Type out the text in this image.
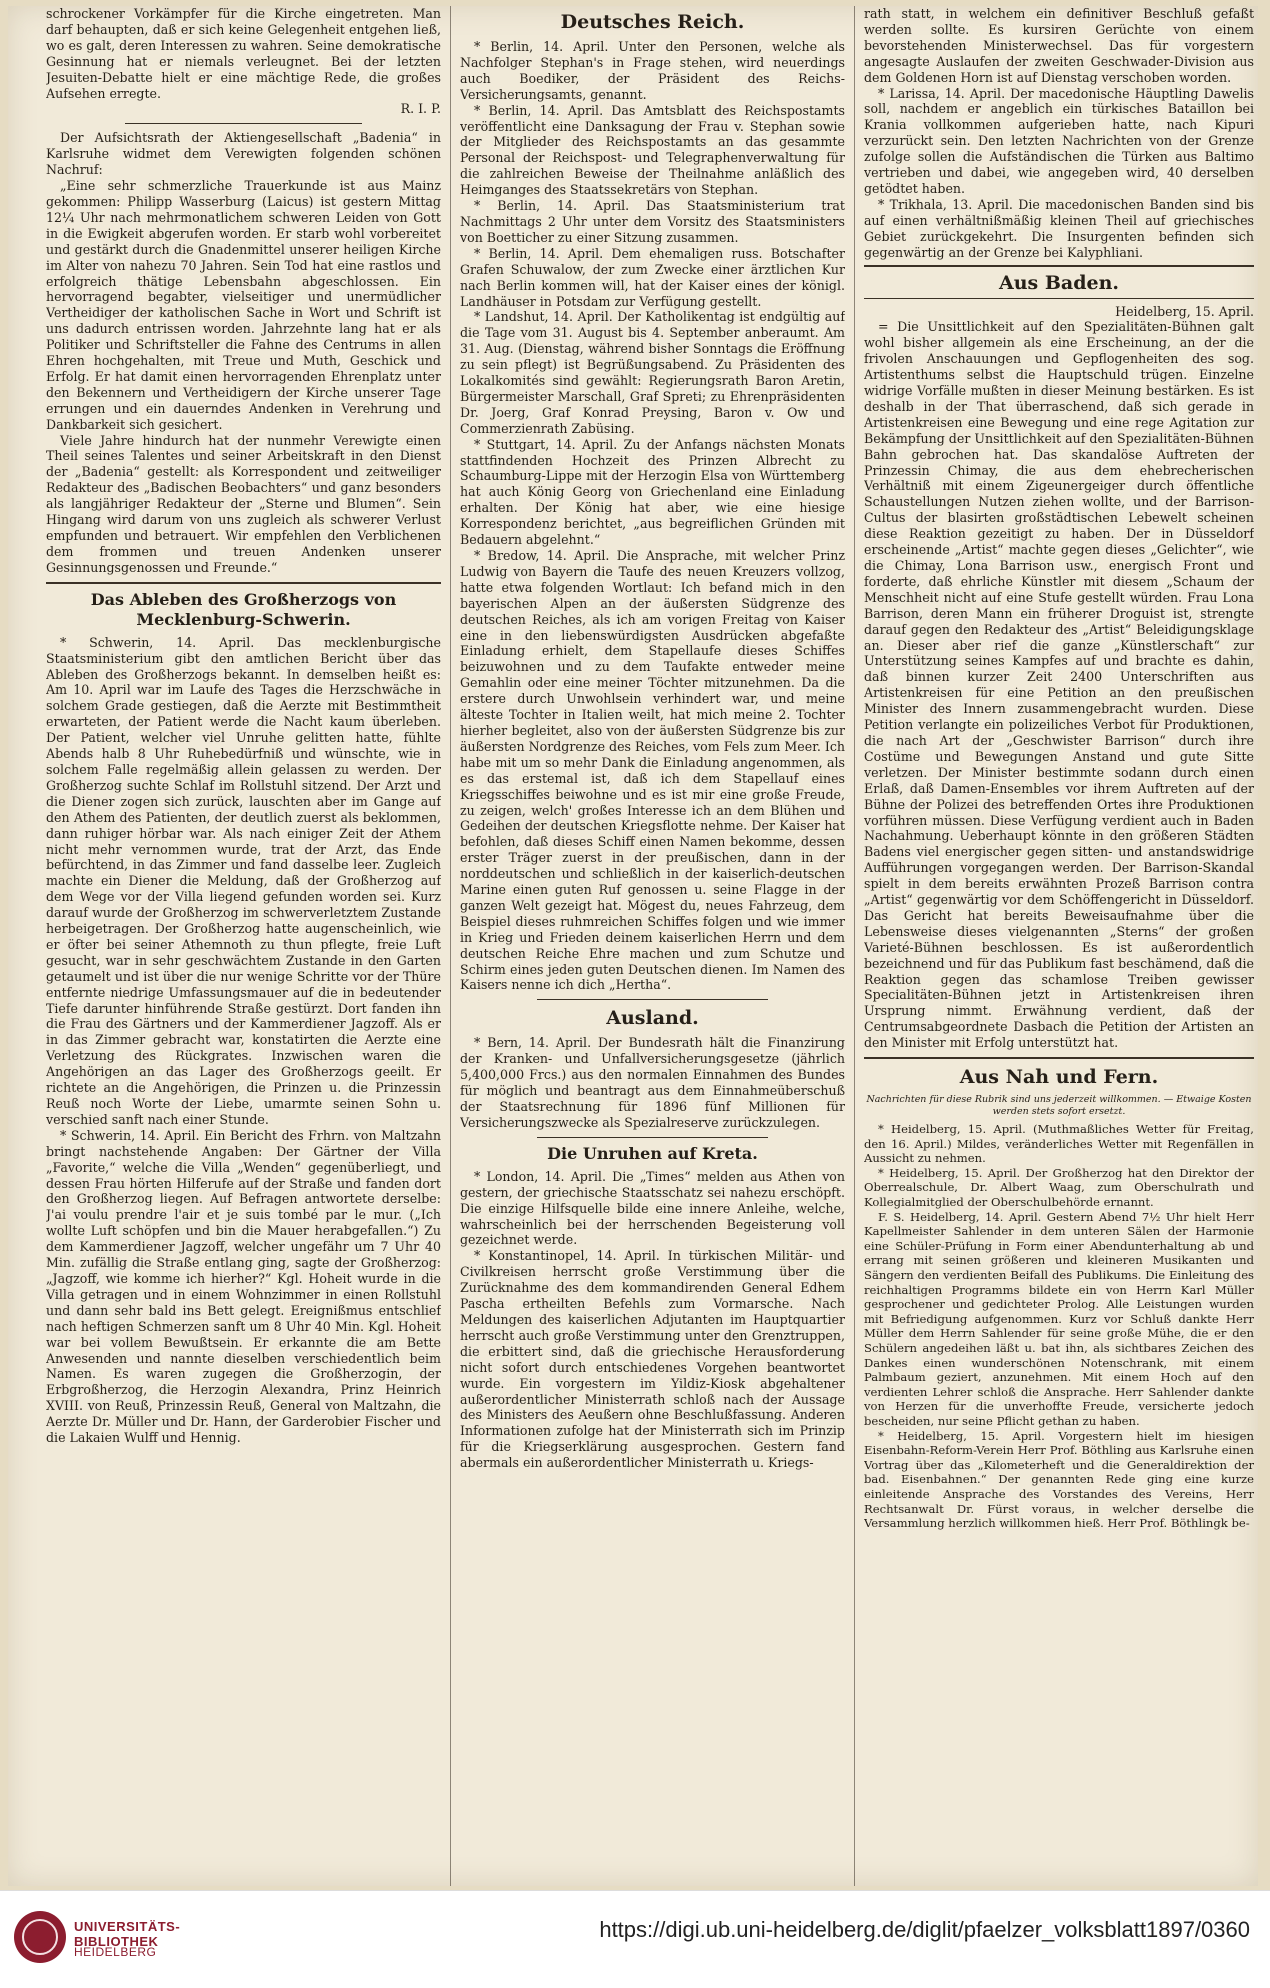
schrockener Vorkämpfer für die Kirche eingetreten. Man darf behaupten, daß er sich keine Gelegenheit entgehen ließ, wo es galt, deren Interessen zu wahren. Seine demokratische Gesinnung hat er niemals verleugnet. Bei der letzten Jesuiten-Debatte hielt er eine mächtige Rede, die großes Aufsehen erregte.

R. I. P.

Der Aufsichtsrath der Aktiengesellschaft „Badenia“ in Karlsruhe widmet dem Verewigten folgenden schönen Nachruf:

„Eine sehr schmerzliche Trauerkunde ist aus Mainz gekommen: Philipp Wasserburg (Laicus) ist gestern Mittag 12¼ Uhr nach mehrmonatlichem schweren Leiden von Gott in die Ewigkeit abgerufen worden. Er starb wohl vorbereitet und gestärkt durch die Gnadenmittel unserer heiligen Kirche im Alter von nahezu 70 Jahren. Sein Tod hat eine rastlos und erfolgreich thätige Lebensbahn abgeschlossen. Ein hervorragend begabter, vielseitiger und unermüdlicher Vertheidiger der katholischen Sache in Wort und Schrift ist uns dadurch entrissen worden. Jahrzehnte lang hat er als Politiker und Schriftsteller die Fahne des Centrums in allen Ehren hochgehalten, mit Treue und Muth, Geschick und Erfolg. Er hat damit einen hervorragenden Ehrenplatz unter den Bekennern und Vertheidigern der Kirche unserer Tage errungen und ein dauerndes Andenken in Verehrung und Dankbarkeit sich gesichert.

Viele Jahre hindurch hat der nunmehr Verewigte einen Theil seines Talentes und seiner Arbeitskraft in den Dienst der „Badenia“ gestellt: als Korrespondent und zeitweiliger Redakteur des „Badischen Beobachters“ und ganz besonders als langjähriger Redakteur der „Sterne und Blumen“. Sein Hingang wird darum von uns zugleich als schwerer Verlust empfunden und betrauert. Wir empfehlen den Verblichenen dem frommen und treuen Andenken unserer Gesinnungsgenossen und Freunde.“

Das Ableben des Großherzogs von Mecklenburg-Schwerin.

* Schwerin, 14. April. Das mecklenburgische Staatsministerium gibt den amtlichen Bericht über das Ableben des Großherzogs bekannt. In demselben heißt es: Am 10. April war im Laufe des Tages die Herzschwäche in solchem Grade gestiegen, daß die Aerzte mit Bestimmtheit erwarteten, der Patient werde die Nacht kaum überleben. Der Patient, welcher viel Unruhe gelitten hatte, fühlte Abends halb 8 Uhr Ruhebedürfniß und wünschte, wie in solchem Falle regelmäßig allein gelassen zu werden. Der Großherzog suchte Schlaf im Rollstuhl sitzend. Der Arzt und die Diener zogen sich zurück, lauschten aber im Gange auf den Athem des Patienten, der deutlich zuerst als beklommen, dann ruhiger hörbar war. Als nach einiger Zeit der Athem nicht mehr vernommen wurde, trat der Arzt, das Ende befürchtend, in das Zimmer und fand dasselbe leer. Zugleich machte ein Diener die Meldung, daß der Großherzog auf dem Wege vor der Villa liegend gefunden worden sei. Kurz darauf wurde der Großherzog im schwerverletztem Zustande herbeigetragen. Der Großherzog hatte augenscheinlich, wie er öfter bei seiner Athemnoth zu thun pflegte, freie Luft gesucht, war in sehr geschwächtem Zustande in den Garten getaumelt und ist über die nur wenige Schritte vor der Thüre entfernte niedrige Umfassungsmauer auf die in bedeutender Tiefe darunter hinführende Straße gestürzt. Dort fanden ihn die Frau des Gärtners und der Kammerdiener Jagzoff. Als er in das Zimmer gebracht war, konstatirten die Aerzte eine Verletzung des Rückgrates. Inzwischen waren die Angehörigen an das Lager des Großherzogs geeilt. Er richtete an die Angehörigen, die Prinzen u. die Prinzessin Reuß noch Worte der Liebe, umarmte seinen Sohn u. verschied sanft nach einer Stunde.

* Schwerin, 14. April. Ein Bericht des Frhrn. von Maltzahn bringt nachstehende Angaben: Der Gärtner der Villa „Favorite,“ welche die Villa „Wenden“ gegenüberliegt, und dessen Frau hörten Hilferufe auf der Straße und fanden dort den Großherzog liegen. Auf Befragen antwortete derselbe: J'ai voulu prendre l'air et je suis tombé par le mur. („Ich wollte Luft schöpfen und bin die Mauer herabgefallen.“) Zu dem Kammerdiener Jagzoff, welcher ungefähr um 7 Uhr 40 Min. zufällig die Straße entlang ging, sagte der Großherzog: „Jagzoff, wie komme ich hierher?“ Kgl. Hoheit wurde in die Villa getragen und in einem Wohnzimmer in einen Rollstuhl und dann sehr bald ins Bett gelegt. Ereignißmus entschlief nach heftigen Schmerzen sanft um 8 Uhr 40 Min. Kgl. Hoheit war bei vollem Bewußtsein. Er erkannte die am Bette Anwesenden und nannte dieselben verschiedentlich beim Namen. Es waren zugegen die Großherzogin, der Erbgroßherzog, die Herzogin Alexandra, Prinz Heinrich XVIII. von Reuß, Prinzessin Reuß, General von Maltzahn, die Aerzte Dr. Müller und Dr. Hann, der Garderobier Fischer und die Lakaien Wulff und Hennig.

Deutsches Reich.

* Berlin, 14. April. Unter den Personen, welche als Nachfolger Stephan's in Frage stehen, wird neuerdings auch Boediker, der Präsident des Reichs-Versicherungsamts, genannt.

* Berlin, 14. April. Das Amtsblatt des Reichspostamts veröffentlicht eine Danksagung der Frau v. Stephan sowie der Mitglieder des Reichspostamts an das gesammte Personal der Reichspost- und Telegraphenverwaltung für die zahlreichen Beweise der Theilnahme anläßlich des Heimganges des Staatssekretärs von Stephan.

* Berlin, 14. April. Das Staatsministerium trat Nachmittags 2 Uhr unter dem Vorsitz des Staatsministers von Boetticher zu einer Sitzung zusammen.

* Berlin, 14. April. Dem ehemaligen russ. Botschafter Grafen Schuwalow, der zum Zwecke einer ärztlichen Kur nach Berlin kommen will, hat der Kaiser eines der königl. Landhäuser in Potsdam zur Verfügung gestellt.

* Landshut, 14. April. Der Katholikentag ist endgültig auf die Tage vom 31. August bis 4. September anberaumt. Am 31. Aug. (Dienstag, während bisher Sonntags die Eröffnung zu sein pflegt) ist Begrüßungsabend. Zu Präsidenten des Lokalkomités sind gewählt: Regierungsrath Baron Aretin, Bürgermeister Marschall, Graf Spreti; zu Ehrenpräsidenten Dr. Joerg, Graf Konrad Preysing, Baron v. Ow und Commerzienrath Zabüsing.

* Stuttgart, 14. April. Zu der Anfangs nächsten Monats stattfindenden Hochzeit des Prinzen Albrecht zu Schaumburg-Lippe mit der Herzogin Elsa von Württemberg hat auch König Georg von Griechenland eine Einladung erhalten. Der König hat aber, wie eine hiesige Korrespondenz berichtet, „aus begreiflichen Gründen mit Bedauern abgelehnt.“

* Bredow, 14. April. Die Ansprache, mit welcher Prinz Ludwig von Bayern die Taufe des neuen Kreuzers vollzog, hatte etwa folgenden Wortlaut: Ich befand mich in den bayerischen Alpen an der äußersten Südgrenze des deutschen Reiches, als ich am vorigen Freitag von Kaiser eine in den liebenswürdigsten Ausdrücken abgefaßte Einladung erhielt, dem Stapellaufe dieses Schiffes beizuwohnen und zu dem Taufakte entweder meine Gemahlin oder eine meiner Töchter mitzunehmen. Da die erstere durch Unwohlsein verhindert war, und meine älteste Tochter in Italien weilt, hat mich meine 2. Tochter hierher begleitet, also von der äußersten Südgrenze bis zur äußersten Nordgrenze des Reiches, vom Fels zum Meer. Ich habe mit um so mehr Dank die Einladung angenommen, als es das erstemal ist, daß ich dem Stapellauf eines Kriegsschiffes beiwohne und es ist mir eine große Freude, zu zeigen, welch' großes Interesse ich an dem Blühen und Gedeihen der deutschen Kriegsflotte nehme. Der Kaiser hat befohlen, daß dieses Schiff einen Namen bekomme, dessen erster Träger zuerst in der preußischen, dann in der norddeutschen und schließlich in der kaiserlich-deutschen Marine einen guten Ruf genossen u. seine Flagge in der ganzen Welt gezeigt hat. Mögest du, neues Fahrzeug, dem Beispiel dieses ruhmreichen Schiffes folgen und wie immer in Krieg und Frieden deinem kaiserlichen Herrn und dem deutschen Reiche Ehre machen und zum Schutze und Schirm eines jeden guten Deutschen dienen. Im Namen des Kaisers nenne ich dich „Hertha“.

Ausland.

* Bern, 14. April. Der Bundesrath hält die Finanzirung der Kranken- und Unfallversicherungsgesetze (jährlich 5,400,000 Frcs.) aus den normalen Einnahmen des Bundes für möglich und beantragt aus dem Einnahmeüberschuß der Staatsrechnung für 1896 fünf Millionen für Versicherungszwecke als Spezialreserve zurückzulegen.

Die Unruhen auf Kreta.

* London, 14. April. Die „Times“ melden aus Athen von gestern, der griechische Staatsschatz sei nahezu erschöpft. Die einzige Hilfsquelle bilde eine innere Anleihe, welche, wahrscheinlich bei der herrschenden Begeisterung voll gezeichnet werde.

* Konstantinopel, 14. April. In türkischen Militär- und Civilkreisen herrscht große Verstimmung über die Zurücknahme des dem kommandirenden General Edhem Pascha ertheilten Befehls zum Vormarsche. Nach Meldungen des kaiserlichen Adjutanten im Hauptquartier herrscht auch große Verstimmung unter den Grenztruppen, die erbittert sind, daß die griechische Herausforderung nicht sofort durch entschiedenes Vorgehen beantwortet wurde. Ein vorgestern im Yildiz-Kiosk abgehaltener außerordentlicher Ministerrath schloß nach der Aussage des Ministers des Aeußern ohne Beschlußfassung. Anderen Informationen zufolge hat der Ministerrath sich im Prinzip für die Kriegserklärung ausgesprochen. Gestern fand abermals ein außerordentlicher Ministerrath u. Kriegs-

rath statt, in welchem ein definitiver Beschluß gefaßt werden sollte. Es kursiren Gerüchte von einem bevorstehenden Ministerwechsel. Das für vorgestern angesagte Auslaufen der zweiten Geschwader-Division aus dem Goldenen Horn ist auf Dienstag verschoben worden.

* Larissa, 14. April. Der macedonische Häuptling Dawelis soll, nachdem er angeblich ein türkisches Bataillon bei Krania vollkommen aufgerieben hatte, nach Kipuri verzurückt sein. Den letzten Nachrichten von der Grenze zufolge sollen die Aufständischen die Türken aus Baltimo vertrieben und dabei, wie angegeben wird, 40 derselben getödtet haben.

* Trikhala, 13. April. Die macedonischen Banden sind bis auf einen verhältnißmäßig kleinen Theil auf griechisches Gebiet zurückgekehrt. Die Insurgenten befinden sich gegenwärtig an der Grenze bei Kalyphliani.

Aus Baden.

Heidelberg, 15. April.

= Die Unsittlichkeit auf den Spezialitäten-Bühnen galt wohl bisher allgemein als eine Erscheinung, an der die frivolen Anschauungen und Gepflogenheiten des sog. Artistenthums selbst die Hauptschuld trügen. Einzelne widrige Vorfälle mußten in dieser Meinung bestärken. Es ist deshalb in der That überraschend, daß sich gerade in Artistenkreisen eine Bewegung und eine rege Agitation zur Bekämpfung der Unsittlichkeit auf den Spezialitäten-Bühnen Bahn gebrochen hat. Das skandalöse Auftreten der Prinzessin Chimay, die aus dem ehebrecherischen Verhältniß mit einem Zigeunergeiger durch öffentliche Schaustellungen Nutzen ziehen wollte, und der Barrison-Cultus der blasirten großstädtischen Lebewelt scheinen diese Reaktion gezeitigt zu haben. Der in Düsseldorf erscheinende „Artist“ machte gegen dieses „Gelichter“, wie die Chimay, Lona Barrison usw., energisch Front und forderte, daß ehrliche Künstler mit diesem „Schaum der Menschheit nicht auf eine Stufe gestellt würden. Frau Lona Barrison, deren Mann ein früherer Droguist ist, strengte darauf gegen den Redakteur des „Artist“ Beleidigungsklage an. Dieser aber rief die ganze „Künstlerschaft“ zur Unterstützung seines Kampfes auf und brachte es dahin, daß binnen kurzer Zeit 2400 Unterschriften aus Artistenkreisen für eine Petition an den preußischen Minister des Innern zusammengebracht wurden. Diese Petition verlangte ein polizeiliches Verbot für Produktionen, die nach Art der „Geschwister Barrison“ durch ihre Costüme und Bewegungen Anstand und gute Sitte verletzen. Der Minister bestimmte sodann durch einen Erlaß, daß Damen-Ensembles vor ihrem Auftreten auf der Bühne der Polizei des betreffenden Ortes ihre Produktionen vorführen müssen. Diese Verfügung verdient auch in Baden Nachahmung. Ueberhaupt könnte in den größeren Städten Badens viel energischer gegen sitten- und anstandswidrige Aufführungen vorgegangen werden. Der Barrison-Skandal spielt in dem bereits erwähnten Prozeß Barrison contra „Artist“ gegenwärtig vor dem Schöffengericht in Düsseldorf. Das Gericht hat bereits Beweisaufnahme über die Lebensweise dieses vielgenannten „Sterns“ der großen Varieté-Bühnen beschlossen. Es ist außerordentlich bezeichnend und für das Publikum fast beschämend, daß die Reaktion gegen das schamlose Treiben gewisser Specialitäten-Bühnen jetzt in Artistenkreisen ihren Ursprung nimmt. Erwähnung verdient, daß der Centrumsabgeordnete Dasbach die Petition der Artisten an den Minister mit Erfolg unterstützt hat.

Aus Nah und Fern.

Nachrichten für diese Rubrik sind uns jederzeit willkommen. — Etwaige Kosten werden stets sofort ersetzt.

* Heidelberg, 15. April. (Muthmaßliches Wetter für Freitag, den 16. April.) Mildes, veränderliches Wetter mit Regenfällen in Aussicht zu nehmen.

* Heidelberg, 15. April. Der Großherzog hat den Direktor der Oberrealschule, Dr. Albert Waag, zum Oberschulrath und Kollegialmitglied der Oberschulbehörde ernannt.

F. S. Heidelberg, 14. April. Gestern Abend 7½ Uhr hielt Herr Kapellmeister Sahlender in dem unteren Sälen der Harmonie eine Schüler-Prüfung in Form einer Abendunterhaltung ab und errang mit seinen größeren und kleineren Musikanten und Sängern den verdienten Beifall des Publikums. Die Einleitung des reichhaltigen Programms bildete ein von Herrn Karl Müller gesprochener und gedichteter Prolog. Alle Leistungen wurden mit Befriedigung aufgenommen. Kurz vor Schluß dankte Herr Müller dem Herrn Sahlender für seine große Mühe, die er den Schülern angedeihen läßt u. bat ihn, als sichtbares Zeichen des Dankes einen wunderschönen Notenschrank, mit einem Palmbaum geziert, anzunehmen. Mit einem Hoch auf den verdienten Lehrer schloß die Ansprache. Herr Sahlender dankte von Herzen für die unverhoffte Freude, versicherte jedoch bescheiden, nur seine Pflicht gethan zu haben.

* Heidelberg, 15. April. Vorgestern hielt im hiesigen Eisenbahn-Reform-Verein Herr Prof. Böthling aus Karlsruhe einen Vortrag über das „Kilometerheft und die Generaldirektion der bad. Eisenbahnen.“ Der genannten Rede ging eine kurze einleitende Ansprache des Vorstandes des Vereins, Herr Rechtsanwalt Dr. Fürst voraus, in welcher derselbe die Versammlung herzlich willkommen hieß. Herr Prof. Böthlingk be-

UNIVERSITÄTS-
BIBLIOTHEK
HEIDELBERG
https://digi.ub.uni-heidelberg.de/diglit/pfaelzer_volksblatt1897/0360
